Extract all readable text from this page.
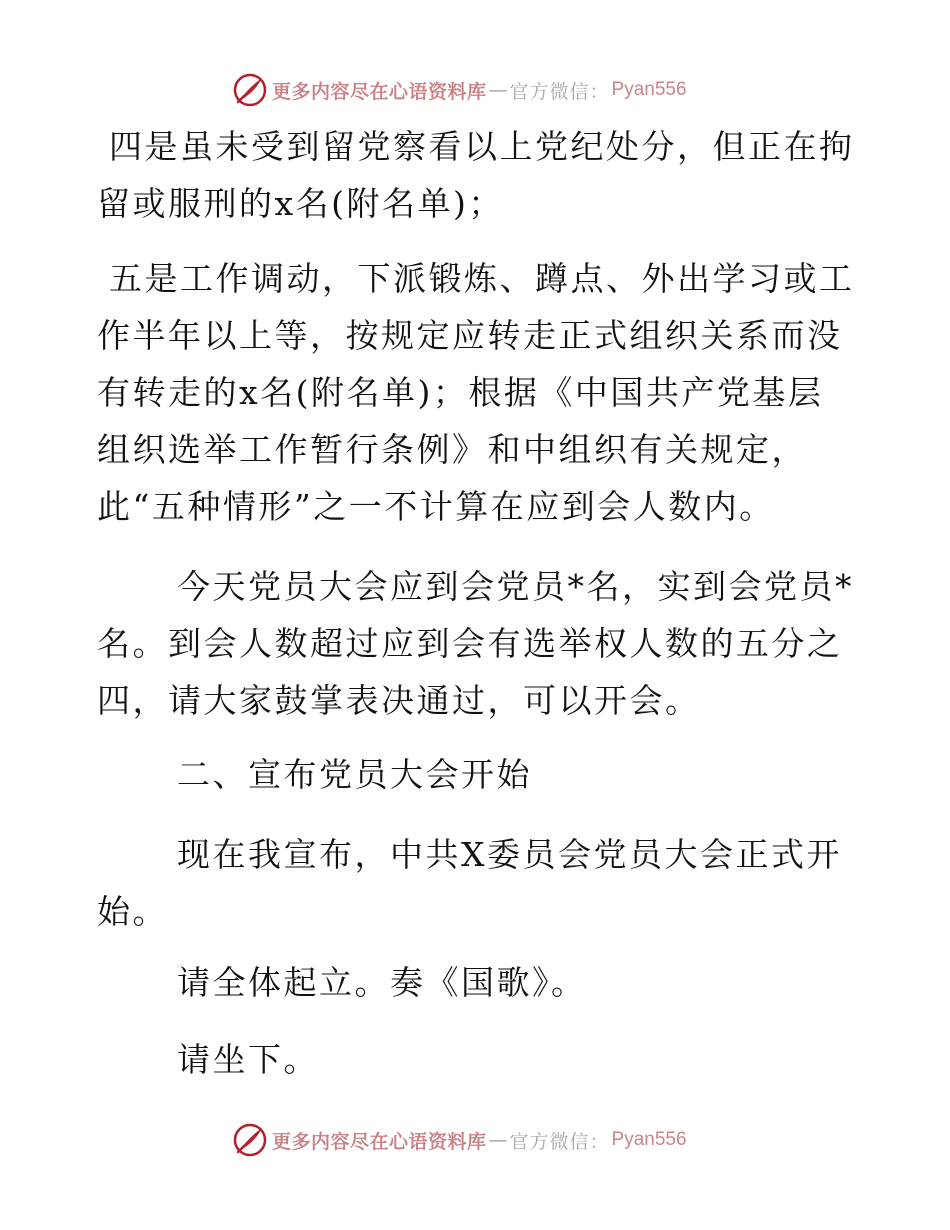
更多内容尽在心语资料库 — 官方微信： Pyan556

四是虽未受到留党察看以上党纪处分，但正在拘留或服刑的x名(附名单)；

五是工作调动，下派锻炼、蹲点、外出学习或工作半年以上等，按规定应转走正式组织关系而没有转走的x名(附名单)；根据《中国共产党基层组织选举工作暂行条例》和中组织有关规定，此“五种情形”之一不计算在应到会人数内。

今天党员大会应到会党员*名，实到会党员*名。到会人数超过应到会有选举权人数的五分之四，请大家鼓掌表决通过，可以开会。

二、宣布党员大会开始

现在我宣布，中共X委员会党员大会正式开始。

请全体起立。奏《国歌》。

请坐下。

更多内容尽在心语资料库 — 官方微信： Pyan556
